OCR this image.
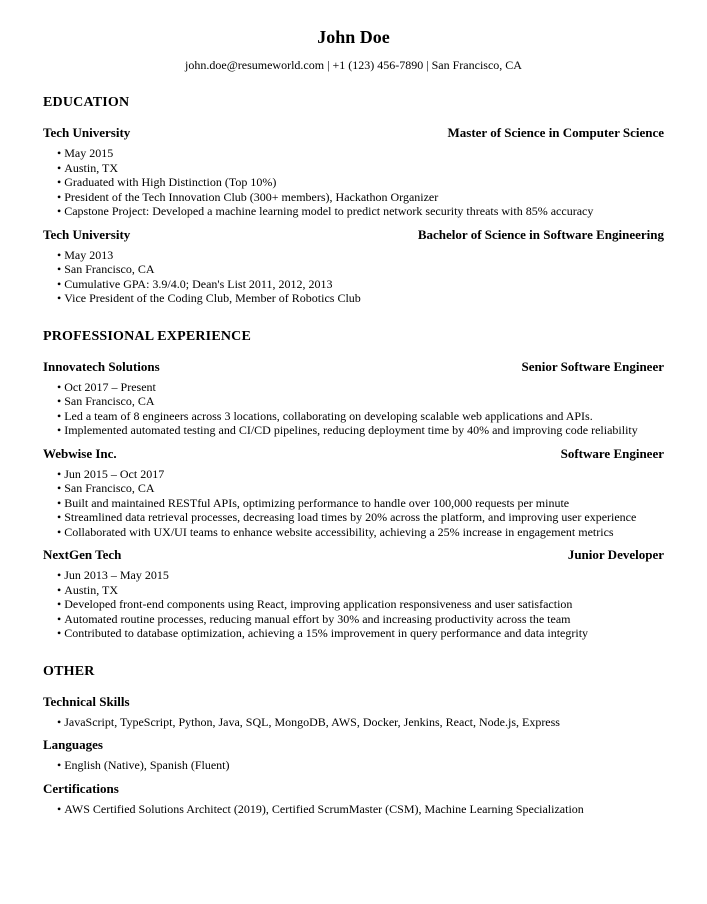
John Doe

john.doe@resumeworld.com | +1 (123) 456-7890 | San Francisco, CA

EDUCATION
Tech University	Master of Science in Computer Science
• May 2015
• Austin, TX
• Graduated with High Distinction (Top 10%)
• President of the Tech Innovation Club (300+ members), Hackathon Organizer
• Capstone Project: Developed a machine learning model to predict network security threats with 85% accuracy
Tech University	Bachelor of Science in Software Engineering
• May 2013
• San Francisco, CA
• Cumulative GPA: 3.9/4.0; Dean's List 2011, 2012, 2013
• Vice President of the Coding Club, Member of Robotics Club
PROFESSIONAL EXPERIENCE
Innovatech Solutions	Senior Software Engineer
• Oct 2017 – Present
• San Francisco, CA
• Led a team of 8 engineers across 3 locations, collaborating on developing scalable web applications and APIs.
• Implemented automated testing and CI/CD pipelines, reducing deployment time by 40% and improving code reliability
Webwise Inc.	Software Engineer
• Jun 2015 – Oct 2017
• San Francisco, CA
• Built and maintained RESTful APIs, optimizing performance to handle over 100,000 requests per minute
• Streamlined data retrieval processes, decreasing load times by 20% across the platform, and improving user experience
• Collaborated with UX/UI teams to enhance website accessibility, achieving a 25% increase in engagement metrics
NextGen Tech	Junior Developer
• Jun 2013 – May 2015
• Austin, TX
• Developed front-end components using React, improving application responsiveness and user satisfaction
• Automated routine processes, reducing manual effort by 30% and increasing productivity across the team
• Contributed to database optimization, achieving a 15% improvement in query performance and data integrity
OTHER
Technical Skills
• JavaScript, TypeScript, Python, Java, SQL, MongoDB, AWS, Docker, Jenkins, React, Node.js, Express
Languages
• English (Native), Spanish (Fluent)
Certifications
• AWS Certified Solutions Architect (2019), Certified ScrumMaster (CSM), Machine Learning Specialization
